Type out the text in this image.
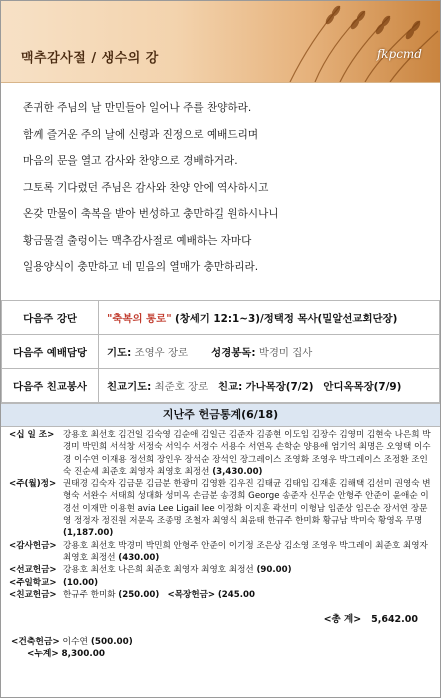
맥추감사절 / 생수의 강	fkpcmd
존귀한 주님의 날 만민들아 일어나 주를 찬양하라.
함께 즐거운 주의 날에 신령과 진정으로 예배드리며
마음의 문을 열고 감사와 찬양으로 경배하거라.
그토록 기다렸던 주님은 감사와 찬양 안에 역사하시고
온갖 만물이 축복을 받아 번성하고 충만하길 원하시나니
황금물결 출렁이는 맥추감사절로 예배하는 자마다
일용양식이 충만하고 네 믿음의 열매가 충만하리라.
다음주 강단	"축복의 통로" (창세기 12:1~3)/정택정 목사(밀알선교회단장)
다음주 예배담당	기도: 조영우 장로 성경봉독: 박경미 집사
다음주 친교봉사	친교기도: 최준호 장로 친교: 가나목장(7/2) 안디옥목장(7/9)
지난주 헌금통계(6/18)
<십 일 조> 강용호 최선호 김건일 김숙영 김순애 김일근 김준자 김종현 이도임 김장수 김영미 김현숙 나은희 박경미 박민희 서석창 서정숙 서익수 서정수 서용수 서연옥 손학순 양용애 엄기억 최명은 오영택 이수경 이수연 이재용 정선희 장인우 장석순 장석인 장그레이스 조영화 조영우 박그레이스 조정환 조인숙 진순세 최준호 최영자 최영호 최정선 (3,430.00)
<주(월)정> 권태경 김숙자 김금문 김금분 한광미 김영환 김우진 김태균 김태임 김재훈 김해택 김선미 권영숙 변형숙 서완수 서태희 성대화 성미옥 손금분 송경희 George 송준자 신무순 안형주 안준이 윤애순 이경선 이재만 이용현 avia Lee Ligail lee 이정화 이지훈 곽선미 이형남 임준상 임은순 장서연 장문영 정정자 정진원 저문옥 조종명 조철자 최영식 최윤태 한규주 한미화 황규남 박미숙 황영옥 무명 (1,187.00)
<감사헌금> 강용호 최선호 박경미 박민희 안형주 안준이 이기정 조은상 김소영 조영우 박그레이 최준호 최영자 최영호 최정선 (430.00)
<선교헌금> 강용호 최선호 나은희 최준호 최영자 최영호 최정선 (90.00)
<주일학교> (10.00)
<친교헌금> 한규주 한미화 (250.00) <목장헌금> (245.00
<총 계> 5,642.00
<건축헌금> 이수연 (500.00)
<누계> 8,300.00
